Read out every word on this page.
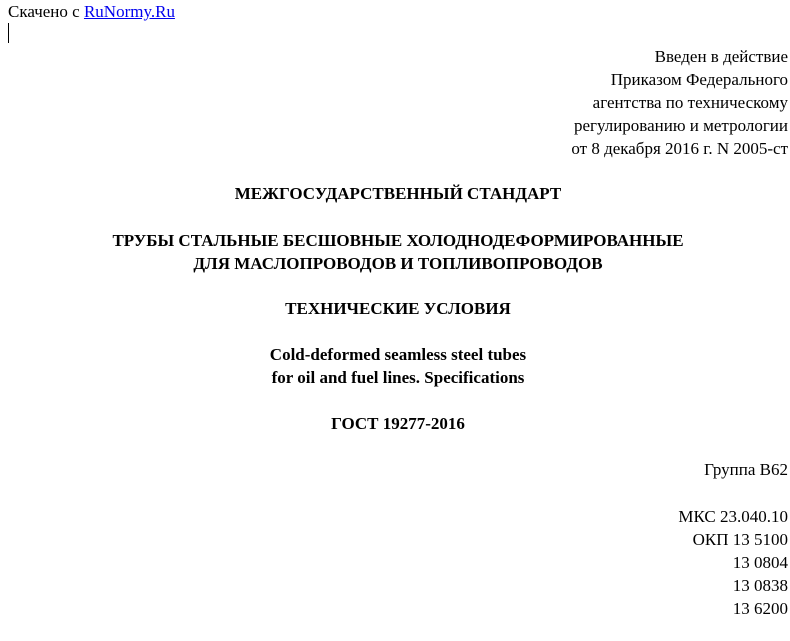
Скачено с RuNormy.Ru
Введен в действие
Приказом Федерального
агентства по техническому
регулированию и метрологии
от 8 декабря 2016 г. N 2005-ст
МЕЖГОСУДАРСТВЕННЫЙ СТАНДАРТ
ТРУБЫ СТАЛЬНЫЕ БЕСШОВНЫЕ ХОЛОДНОДЕФОРМИРОВАННЫЕ
ДЛЯ МАСЛОПРОВОДОВ И ТОПЛИВОПРОВОДОВ
ТЕХНИЧЕСКИЕ УСЛОВИЯ
Cold-deformed seamless steel tubes
for oil and fuel lines. Specifications
ГОСТ 19277-2016
Группа В62
МКС 23.040.10
ОКП 13 5100
13 0804
13 0838
13 6200
